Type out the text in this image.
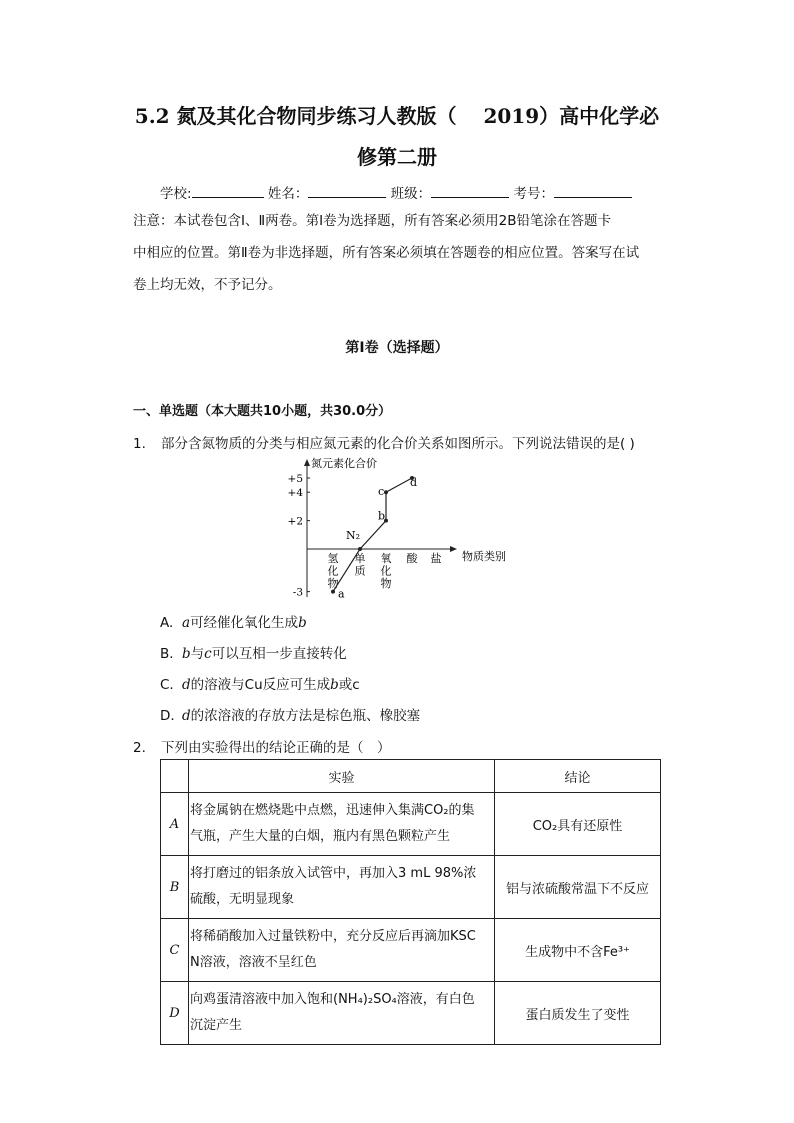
5.2 氮及其化合物同步练习人教版（　 2019）高中化学必
修第二册
学校:	姓名：	班级：	考号：
注意：本试卷包含Ⅰ、Ⅱ两卷。第Ⅰ卷为选择题，所有答案必须用2B铅笔涂在答题卡
中相应的位置。第Ⅱ卷为非选择题，所有答案必须填在答题卷的相应位置。答案写在试
卷上均无效，不予记分。
第Ⅰ卷（选择题）
一、单选题（本大题共10小题，共30.0分）
1. 部分含氮物质的分类与相应氮元素的化合价关系如图所示。下列说法错误的是( )
氮元素化合价
物质类别
+5
+4
+2
-3
氢
化
物
单
质
氧
化
物
酸 盐
a
N₂
b
c
d
A. a可经催化氧化生成b
B. b与c可以互相一步直接转化
C. d的溶液与Cu反应可生成b或c
D. d的浓溶液的存放方法是棕色瓶、橡胶塞
2. 下列由实验得出的结论正确的是（　）
	实验	结论
A	将金属钠在燃烧匙中点燃，迅速伸入集满CO₂的集
气瓶，产生大量的白烟，瓶内有黑色颗粒产生	CO₂具有还原性
B	将打磨过的铝条放入试管中，再加入3 mL 98%浓
硫酸，无明显现象	铝与浓硫酸常温下不反应
C	将稀硝酸加入过量铁粉中，充分反应后再滴加KSC
N溶液，溶液不呈红色	生成物中不含Fe³⁺
D	向鸡蛋清溶液中加入饱和(NH₄)₂SO₄溶液，有白色
沉淀产生	蛋白质发生了变性
